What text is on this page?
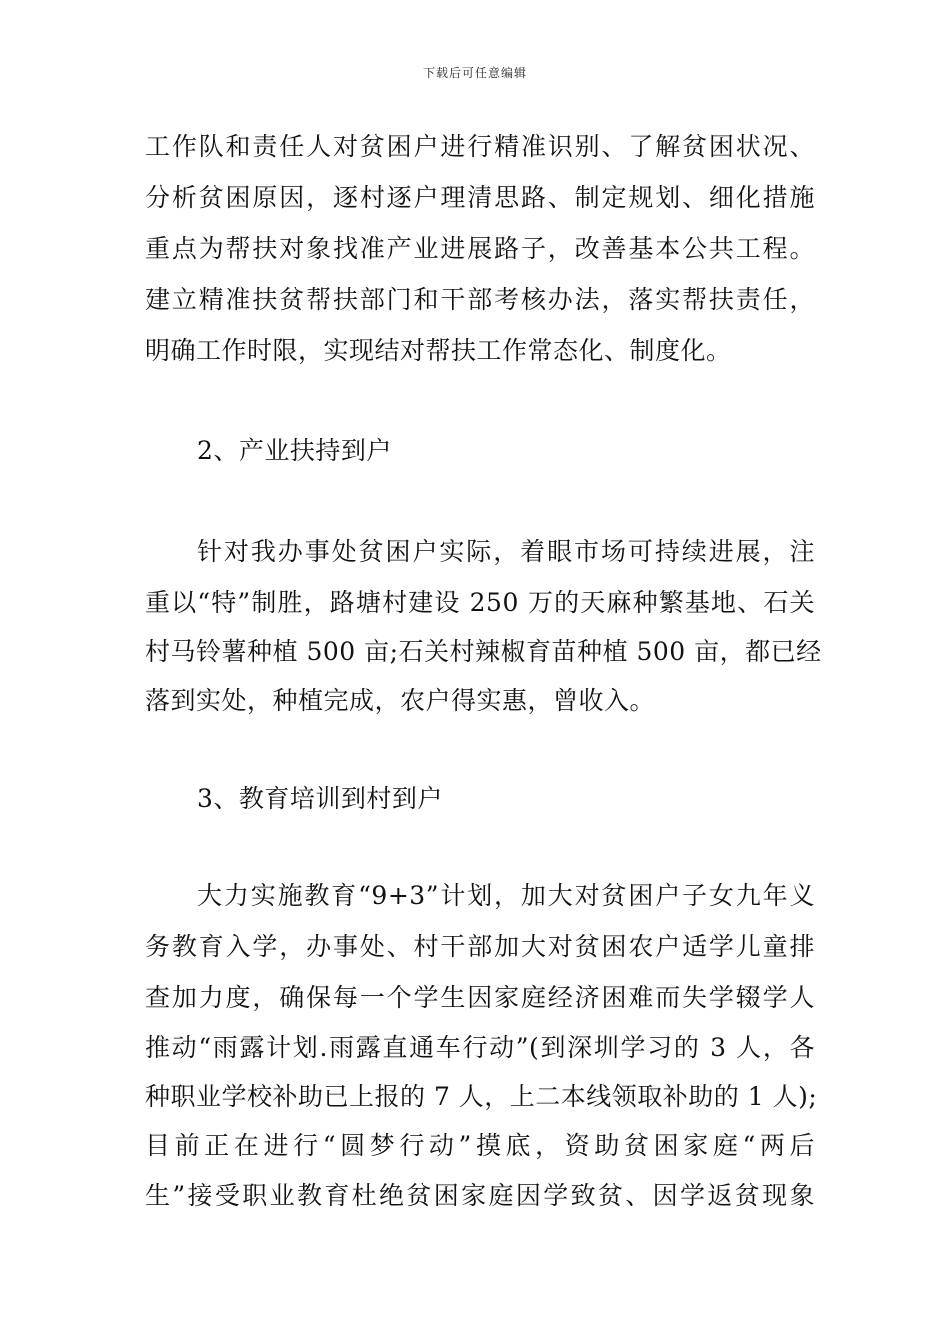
下载后可任意编辑
工作队和责任人对贫困户进行精准识别、了解贫困状况、
分析贫困原因，逐村逐户理清思路、制定规划、细化措施
重点为帮扶对象找准产业进展路子，改善基本公共工程。
建立精准扶贫帮扶部门和干部考核办法，落实帮扶责任，
明确工作时限，实现结对帮扶工作常态化、制度化。
2、产业扶持到户
针对我办事处贫困户实际，着眼市场可持续进展，注
重以“特”制胜，路塘村建设 250 万的天麻种繁基地、石关
村马铃薯种植 500 亩;石关村辣椒育苗种植 500 亩，都已经
落到实处，种植完成，农户得实惠，曾收入。
3、教育培训到村到户
大力实施教育“9+3”计划，加大对贫困户子女九年义
务教育入学，办事处、村干部加大对贫困农户适学儿童排
查加力度，确保每一个学生因家庭经济困难而失学辍学人
推动“雨露计划.雨露直通车行动”(到深圳学习的 3 人，各
种职业学校补助已上报的 7 人，上二本线领取补助的 1 人);
目前正在进行“圆梦行动”摸底，资助贫困家庭“两后
生”接受职业教育杜绝贫困家庭因学致贫、因学返贫现象
